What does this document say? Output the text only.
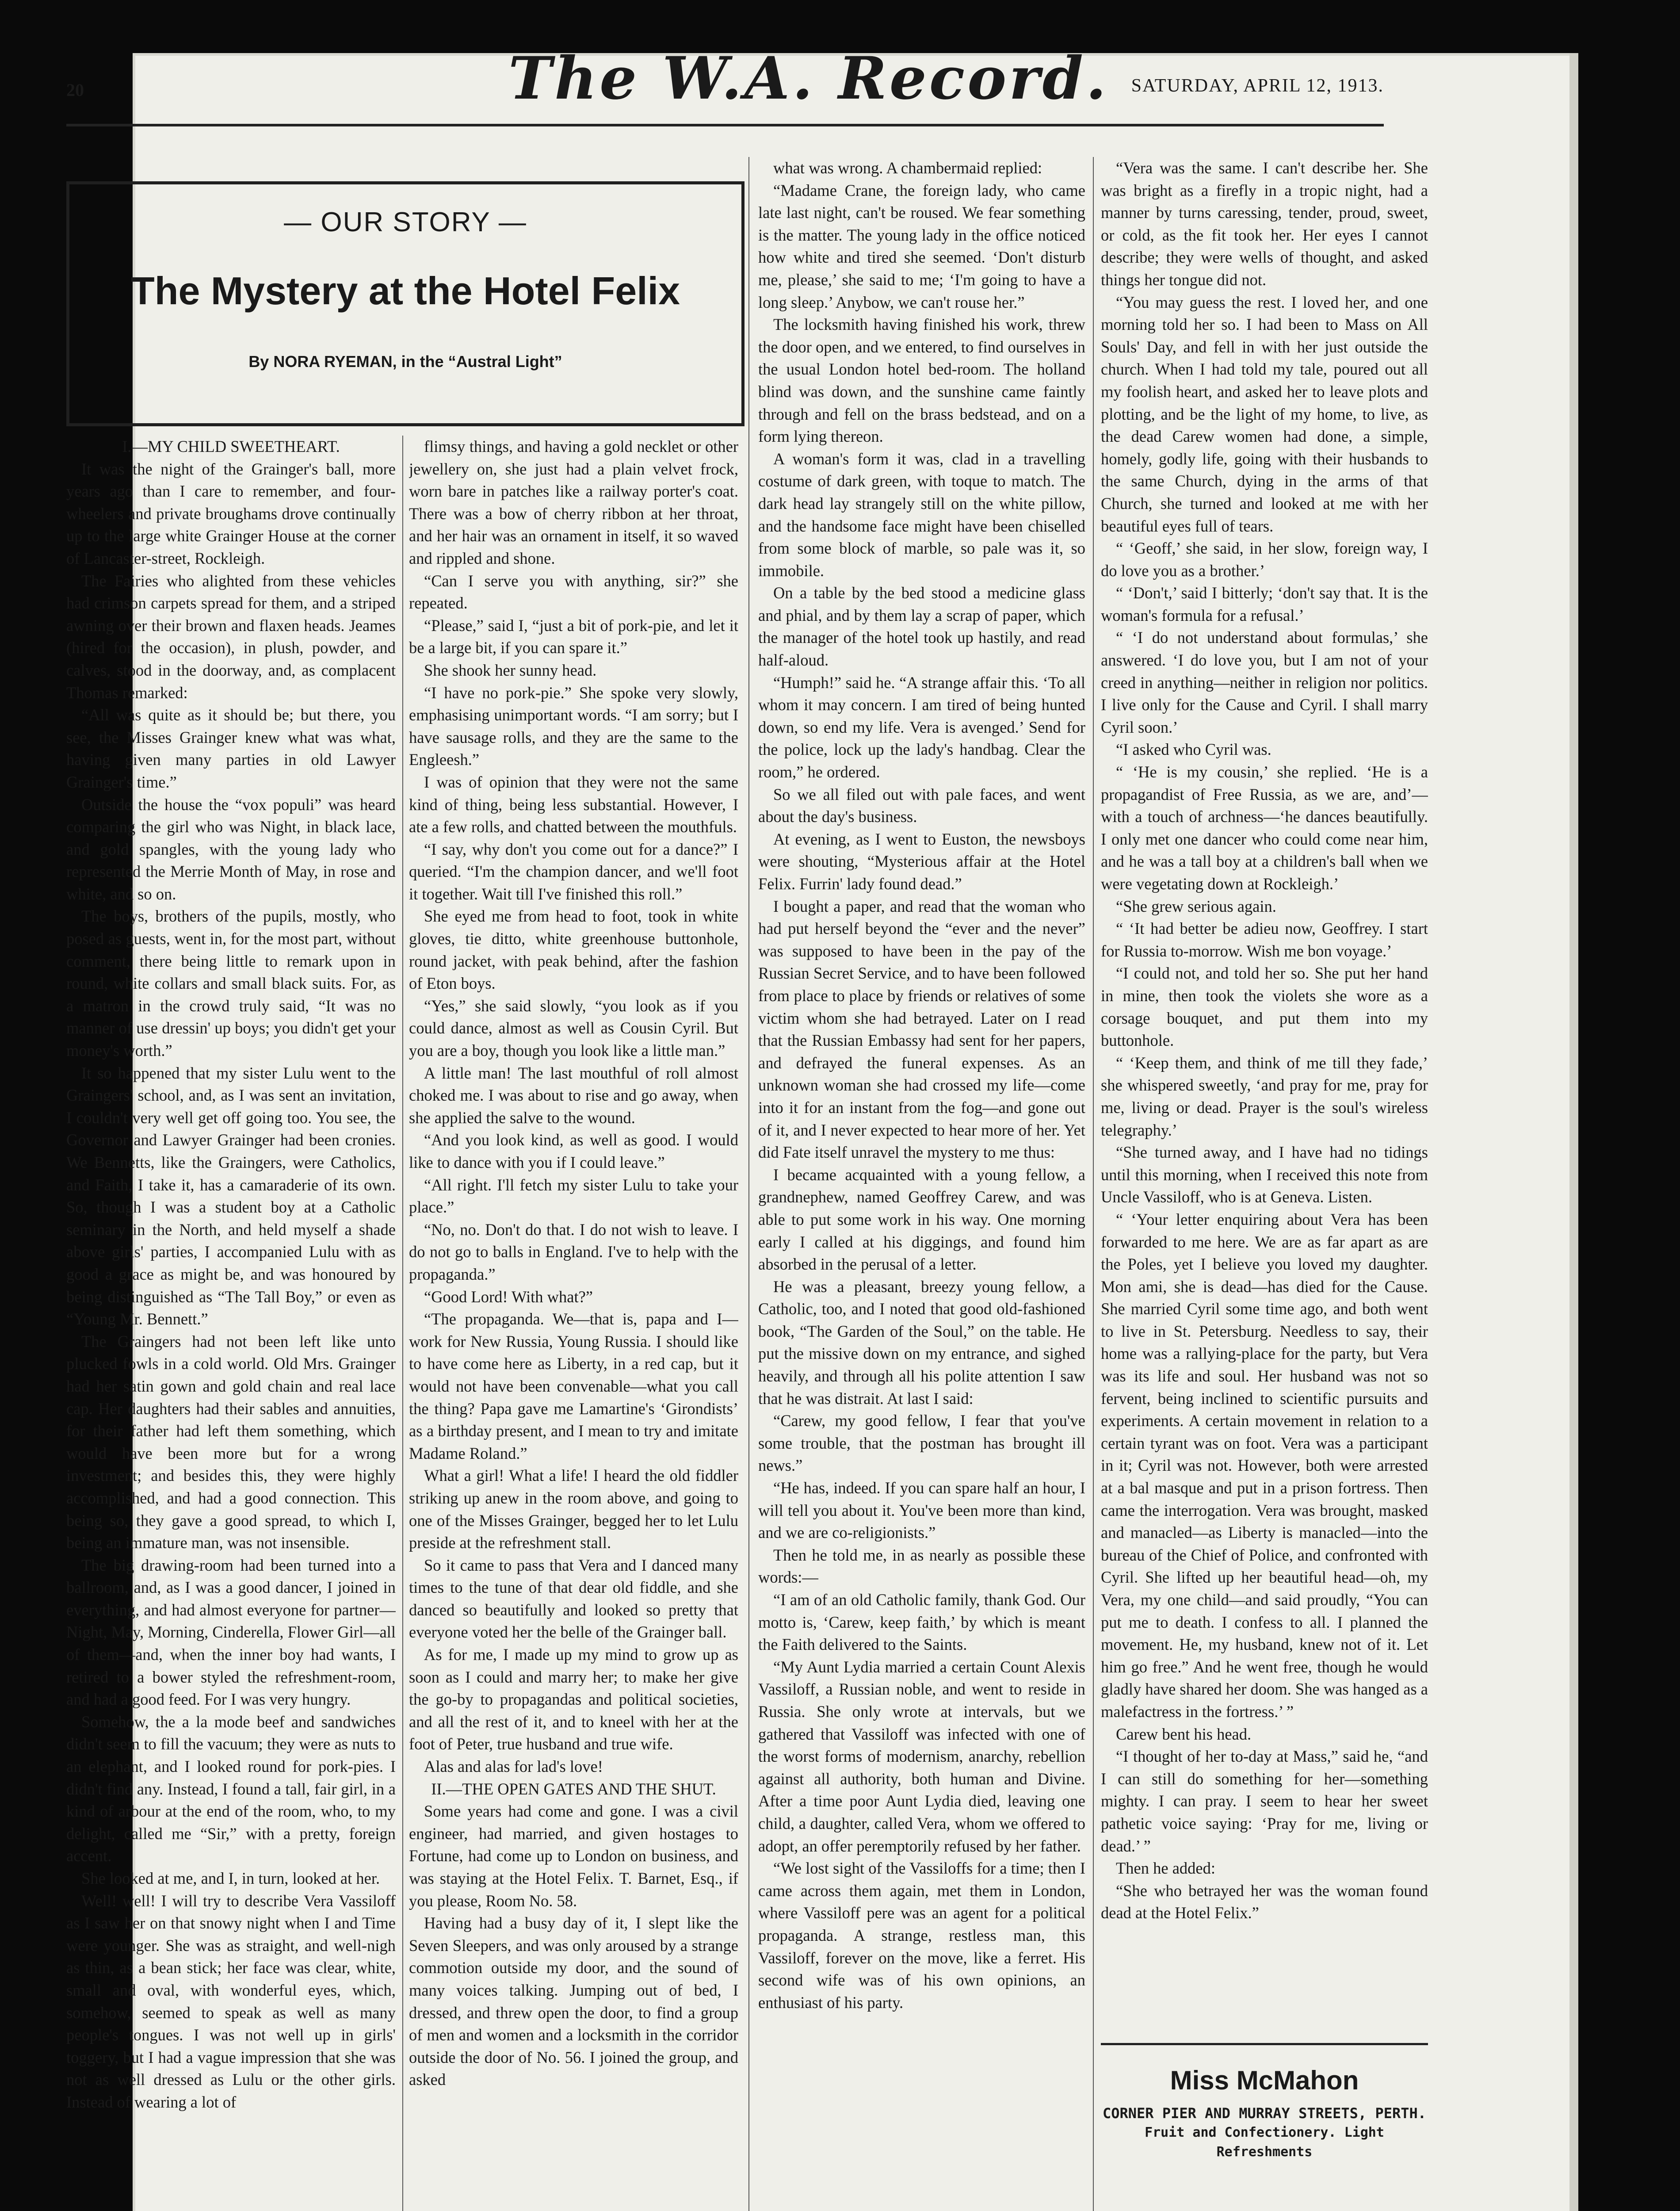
20	The W.A. Record. SATURDAY, APRIL 12, 1913.
— OUR STORY —
The Mystery at the Hotel Felix
By NORA RYEMAN, in the “Austral Light”

I.—MY CHILD SWEETHEART.

It was the night of the Grainger's ball, more years ago than I care to remember, and four-wheelers and private broughams drove continually up to the large white Grainger House at the corner of Lancaster-street, Rockleigh.

The Fairies who alighted from these vehicles had crimson carpets spread for them, and a striped awning over their brown and flaxen heads. Jeames (hired for the occasion), in plush, powder, and calves, stood in the doorway, and, as complacent Thomas remarked:

“All was quite as it should be; but there, you see, the Misses Grainger knew what was what, having given many parties in old Lawyer Grainger's time.”

Outside the house the “vox populi” was heard comparing the girl who was Night, in black lace, and gold spangles, with the young lady who represented the Merrie Month of May, in rose and white, and so on.

The boys, brothers of the pupils, mostly, who posed as guests, went in, for the most part, without comment, there being little to remark upon in round, white collars and small black suits. For, as a matron in the crowd truly said, “It was no manner of use dressin' up boys; you didn't get your money's worth.”

It so happened that my sister Lulu went to the Graingers' school, and, as I was sent an invitation, I couldn't very well get off going too. You see, the Governor and Lawyer Grainger had been cronies. We Bennetts, like the Graingers, were Catholics, and Faith, I take it, has a camaraderie of its own. So, though I was a student boy at a Catholic seminary in the North, and held myself a shade above girls' parties, I accompanied Lulu with as good a grace as might be, and was honoured by being distinguished as “The Tall Boy,” or even as “Young Mr. Bennett.”

The Graingers had not been left like unto plucked fowls in a cold world. Old Mrs. Grainger had her satin gown and gold chain and real lace cap. Her daughters had their sables and annuities, for their father had left them something, which would have been more but for a wrong investment; and besides this, they were highly accomplished, and had a good connection. This being so, they gave a good spread, to which I, being an immature man, was not insensible.

The big drawing-room had been turned into a ballroom, and, as I was a good dancer, I joined in everything, and had almost everyone for partner—Night, May, Morning, Cinderella, Flower Girl—all of them—and, when the inner boy had wants, I retired to a bower styled the refreshment-room, and had a good feed. For I was very hungry.

Somehow, the a la mode beef and sandwiches didn't seem to fill the vacuum; they were as nuts to an elephant, and I looked round for pork-pies. I didn't find any. Instead, I found a tall, fair girl, in a kind of arbour at the end of the room, who, to my delight, called me “Sir,” with a pretty, foreign accent.

She looked at me, and I, in turn, looked at her.

Well! well! I will try to describe Vera Vassiloff as I saw her on that snowy night when I and Time were younger. She was as straight, and well-nigh as thin, as a bean stick; her face was clear, white, small and oval, with wonderful eyes, which, somehow, seemed to speak as well as many people's tongues. I was not well up in girls' toggery, but I had a vague impression that she was not as well dressed as Lulu or the other girls. Instead of wearing a lot of

flimsy things, and having a gold necklet or other jewellery on, she just had a plain velvet frock, worn bare in patches like a railway porter's coat. There was a bow of cherry ribbon at her throat, and her hair was an ornament in itself, it so waved and rippled and shone.

“Can I serve you with anything, sir?” she repeated.

“Please,” said I, “just a bit of pork-pie, and let it be a large bit, if you can spare it.”

She shook her sunny head.

“I have no pork-pie.” She spoke very slowly, emphasising unimportant words. “I am sorry; but I have sausage rolls, and they are the same to the Engleesh.”

I was of opinion that they were not the same kind of thing, being less substantial. However, I ate a few rolls, and chatted between the mouthfuls.

“I say, why don't you come out for a dance?” I queried. “I'm the champion dancer, and we'll foot it together. Wait till I've finished this roll.”

She eyed me from head to foot, took in white gloves, tie ditto, white greenhouse buttonhole, round jacket, with peak behind, after the fashion of Eton boys.

“Yes,” she said slowly, “you look as if you could dance, almost as well as Cousin Cyril. But you are a boy, though you look like a little man.”

A little man! The last mouthful of roll almost choked me. I was about to rise and go away, when she applied the salve to the wound.

“And you look kind, as well as good. I would like to dance with you if I could leave.”

“All right. I'll fetch my sister Lulu to take your place.”

“No, no. Don't do that. I do not wish to leave. I do not go to balls in England. I've to help with the propaganda.”

“Good Lord! With what?”

“The propaganda. We—that is, papa and I—work for New Russia, Young Russia. I should like to have come here as Liberty, in a red cap, but it would not have been convenable—what you call the thing? Papa gave me Lamartine's ‘Girondists’ as a birthday present, and I mean to try and imitate Madame Roland.”

What a girl! What a life! I heard the old fiddler striking up anew in the room above, and going to one of the Misses Grainger, begged her to let Lulu preside at the refreshment stall.

So it came to pass that Vera and I danced many times to the tune of that dear old fiddle, and she danced so beautifully and looked so pretty that everyone voted her the belle of the Grainger ball.

As for me, I made up my mind to grow up as soon as I could and marry her; to make her give the go-by to propagandas and political societies, and all the rest of it, and to kneel with her at the foot of Peter, true husband and true wife.

Alas and alas for lad's love!

II.—THE OPEN GATES AND THE SHUT.

Some years had come and gone. I was a civil engineer, had married, and given hostages to Fortune, had come up to London on business, and was staying at the Hotel Felix. T. Barnet, Esq., if you please, Room No. 58.

Having had a busy day of it, I slept like the Seven Sleepers, and was only aroused by a strange commotion outside my door, and the sound of many voices talking. Jumping out of bed, I dressed, and threw open the door, to find a group of men and women and a locksmith in the corridor outside the door of No. 56. I joined the group, and asked

what was wrong. A chambermaid replied:

“Madame Crane, the foreign lady, who came late last night, can't be roused. We fear something is the matter. The young lady in the office noticed how white and tired she seemed. ‘Don't disturb me, please,’ she said to me; ‘I'm going to have a long sleep.’ Anybow, we can't rouse her.”

The locksmith having finished his work, threw the door open, and we entered, to find ourselves in the usual London hotel bed-room. The holland blind was down, and the sunshine came faintly through and fell on the brass bedstead, and on a form lying thereon.

A woman's form it was, clad in a travelling costume of dark green, with toque to match. The dark head lay strangely still on the white pillow, and the handsome face might have been chiselled from some block of marble, so pale was it, so immobile.

On a table by the bed stood a medicine glass and phial, and by them lay a scrap of paper, which the manager of the hotel took up hastily, and read half-aloud.

“Humph!” said he. “A strange affair this. ‘To all whom it may concern. I am tired of being hunted down, so end my life. Vera is avenged.’ Send for the police, lock up the lady's handbag. Clear the room,” he ordered.

So we all filed out with pale faces, and went about the day's business.

At evening, as I went to Euston, the newsboys were shouting, “Mysterious affair at the Hotel Felix. Furrin' lady found dead.”

I bought a paper, and read that the woman who had put herself beyond the “ever and the never” was supposed to have been in the pay of the Russian Secret Service, and to have been followed from place to place by friends or relatives of some victim whom she had betrayed. Later on I read that the Russian Embassy had sent for her papers, and defrayed the funeral expenses. As an unknown woman she had crossed my life—come into it for an instant from the fog—and gone out of it, and I never expected to hear more of her. Yet did Fate itself unravel the mystery to me thus:

I became acquainted with a young fellow, a grandnephew, named Geoffrey Carew, and was able to put some work in his way. One morning early I called at his diggings, and found him absorbed in the perusal of a letter.

He was a pleasant, breezy young fellow, a Catholic, too, and I noted that good old-fashioned book, “The Garden of the Soul,” on the table. He put the missive down on my entrance, and sighed heavily, and through all his polite attention I saw that he was distrait. At last I said:

“Carew, my good fellow, I fear that you've some trouble, that the postman has brought ill news.”

“He has, indeed. If you can spare half an hour, I will tell you about it. You've been more than kind, and we are co-religionists.”

Then he told me, in as nearly as possible these words:—

“I am of an old Catholic family, thank God. Our motto is, ‘Carew, keep faith,’ by which is meant the Faith delivered to the Saints.

“My Aunt Lydia married a certain Count Alexis Vassiloff, a Russian noble, and went to reside in Russia. She only wrote at intervals, but we gathered that Vassiloff was infected with one of the worst forms of modernism, anarchy, rebellion against all authority, both human and Divine. After a time poor Aunt Lydia died, leaving one child, a daughter, called Vera, whom we offered to adopt, an offer peremptorily refused by her father.

“We lost sight of the Vassiloffs for a time; then I came across them again, met them in London, where Vassiloff pere was an agent for a political propaganda. A strange, restless man, this Vassiloff, forever on the move, like a ferret. His second wife was of his own opinions, an enthusiast of his party.

“Vera was the same. I can't describe her. She was bright as a firefly in a tropic night, had a manner by turns caressing, tender, proud, sweet, or cold, as the fit took her. Her eyes I cannot describe; they were wells of thought, and asked things her tongue did not.

“You may guess the rest. I loved her, and one morning told her so. I had been to Mass on All Souls' Day, and fell in with her just outside the church. When I had told my tale, poured out all my foolish heart, and asked her to leave plots and plotting, and be the light of my home, to live, as the dead Carew women had done, a simple, homely, godly life, going with their husbands to the same Church, dying in the arms of that Church, she turned and looked at me with her beautiful eyes full of tears.

“ ‘Geoff,’ she said, in her slow, foreign way, I do love you as a brother.’

“ ‘Don't,’ said I bitterly; ‘don't say that. It is the woman's formula for a refusal.’

“ ‘I do not understand about formulas,’ she answered. ‘I do love you, but I am not of your creed in anything—neither in religion nor politics. I live only for the Cause and Cyril. I shall marry Cyril soon.’

“I asked who Cyril was.

“ ‘He is my cousin,’ she replied. ‘He is a propagandist of Free Russia, as we are, and’—with a touch of archness—‘he dances beautifully. I only met one dancer who could come near him, and he was a tall boy at a children's ball when we were vegetating down at Rockleigh.’

“She grew serious again.

“ ‘It had better be adieu now, Geoffrey. I start for Russia to-morrow. Wish me bon voyage.’

“I could not, and told her so. She put her hand in mine, then took the violets she wore as a corsage bouquet, and put them into my buttonhole.

“ ‘Keep them, and think of me till they fade,’ she whispered sweetly, ‘and pray for me, pray for me, living or dead. Prayer is the soul's wireless telegraphy.’

“She turned away, and I have had no tidings until this morning, when I received this note from Uncle Vassiloff, who is at Geneva. Listen.

“ ‘Your letter enquiring about Vera has been forwarded to me here. We are as far apart as are the Poles, yet I believe you loved my daughter. Mon ami, she is dead—has died for the Cause. She married Cyril some time ago, and both went to live in St. Petersburg. Needless to say, their home was a rallying-place for the party, but Vera was its life and soul. Her husband was not so fervent, being inclined to scientific pursuits and experiments. A certain movement in relation to a certain tyrant was on foot. Vera was a participant in it; Cyril was not. However, both were arrested at a bal masque and put in a prison fortress. Then came the interrogation. Vera was brought, masked and manacled—as Liberty is manacled—into the bureau of the Chief of Police, and confronted with Cyril. She lifted up her beautiful head—oh, my Vera, my one child—and said proudly, “You can put me to death. I confess to all. I planned the movement. He, my husband, knew not of it. Let him go free.” And he went free, though he would gladly have shared her doom. She was hanged as a malefactress in the fortress.’ ”

Carew bent his head.

“I thought of her to-day at Mass,” said he, “and I can still do something for her—something mighty. I can pray. I seem to hear her sweet pathetic voice saying: ‘Pray for me, living or dead.’ ”

Then he added:

“She who betrayed her was the woman found dead at the Hotel Felix.”

Miss McMahon
CORNER PIER AND MURRAY STREETS, PERTH.
Fruit and Confectionery. Light Refreshments
